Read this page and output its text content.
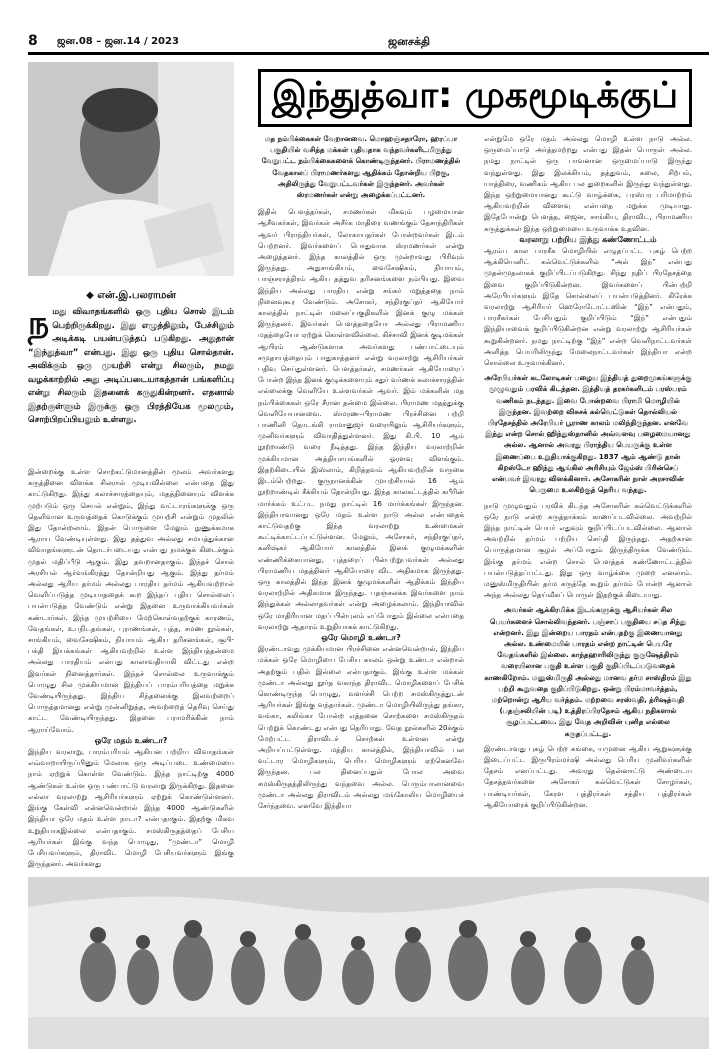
8 ஜன.08 – ஜன.14 / 2023	ஜனசக்தி
◆ என்.இ.பலராமன்
நமது விவாதங்களில் ஒரு புதிய சொல் இடம் பெற்றிருக்கிறது. இது எழுத்திலும், பேச்சிலும் அடிக்கடி பயன்படுத்தப் படுகிறது. அதுதான் “இந்துத்வா” என்பது. இது ஒரு புதிய சொல்தான். அவிக்கும் ஒரு முயற்சி என்று சிலரும், நமது வழக்காற்றில் அது அடிப்படையாகத்தான் பங்களிப்பு என்று சிலரும் இதனைக் கருதுகின்றனர். எதனால் இதற்குள்ளும் இருக்கு ஒரு பிரத்தியேக மூலமும், சொற்பிறப்பியலும் உள்ளது.
இந்துத்வா: முகமூடிக்குப்

இன்றைக்கு உள்ள சொற்கட்டுமானத்தின் மூலம் அவர்களது கருத்தினை விளக்க சிலரால் முடியவில்லை என்பதை இது காட்டுகிறது. இந்து கலாச்சாரத்தையும், மதத்தினையும் விளக்க முற்படும் ஒரு செயல் என்றும், இந்து வட்டாரங்களுக்கு ஒரு தெளிவான உருவத்தைக் கொடுக்கும் முயற்சி என்றும் முதலில் இது தோன்றலாம். இதன் பொருளை மேலும் நுணுக்கமாக ஆராய வேண்டியுள்ளது. இது தத்துவ அல்லது சமயத்துக்கான விவாதங்களுடன் தொடர்படையது என்பது நமக்குக் கிடைக்கும் முதல் மதிப்பீடு ஆகும். இது தவறானதாகும். இந்தச் சொல் அரசியல் ஆர்வங்கிரத்து தோன்றியது ஆகும். இந்து தர்மம் அல்லது ஆரிய தர்மம் அல்லது பாரதிய தர்மம் ஆகியவற்றால் வெளிப்படுத்த முடியாததைக் கூற இந்தப் புதிய சொல்லைப் பயன்படுத்த வேண்டும் என்று இதனை உருவாக்கியவர்கள் கண்டார்கள். இந்த முயற்சியை மேற்கொள்வதற்குக் காரணம், வேதங்கள், உபநிடதங்கள், புராணங்கள், புத்த, சமண நூல்கள், சாங்கியம், வைசேஷிகம், நியாயம் ஆகிய தரிசனங்கள், சூபி-பக்தி இயக்கங்கள் ஆகியவற்றில் உள்ள இந்தியத்தன்மை அல்லது பாரதியம் என்பது காலாவதியாகி விட்டது என்ற இவர்கள் நினைத்தார்கள். இந்தச் சொல்லை உருவாக்கும் பொழுது சில முக்கியமான இந்தியப் பாரம்பரியத்தை மறுக்க வேண்டியிருந்தது. இந்திய சிந்தனைக்கு இலவற்றைப் பொருத்தமானது என்று முன்னிறுத்த, அவற்றைத் தெரிவு செய்து காட்ட வேண்டியிருந்தது. இதனை பராமரிக்கின் நாம் ஆராய்வோம்.

ஒரே மதம் உண்டா?

இந்திய வரலாறு, பாரம்பரியம் ஆகியன பற்றிய விவாதங்கள் எவ்வாறாயிருப்பினும் மேலாக ஒரு அடிப்படை உண்மையை நாம் ஏற்றுக் கொள்ள வேண்டும். இந்த நாட்டிற்கு 4000 ஆண்டுகள் உள்ள ஒரு பண்பாட்டு வரலாறு இருக்கிறது. இதனை எல்லா வரலாற்று ஆசிரியர்களும் ஏற்றுக் கொண்டுள்ளனர். இங்கு கேள்வி என்னவென்றால் இந்த 4000 ஆண்டுகளில் இந்தியா ஒரே மதம் உள்ள நாடா? என்பதாகும். இதற்கு மிகவ உறுதியாகஇல்லை என்பதாகும். சமஸ்கிருதத்தைப் பேசிய ஆரியர்கள் இங்கு வந்த பொழுது, “முண்டா” மொழி பேசியவர்களும், திராவிட மொழி பேசியவர்களும் இங்கு இருந்தனர். அவர்களது

மத நம்பிக்கைகள் வேறானவை. மொஹஞ்சதாரோ, ஹரப்பா பகுதியில் வசித்த மக்கள் புதியதாக வந்தவர்களிடமிருந்து வேறுபட்ட நம்பிக்கைகளைக் கொண்டிருந்தனர். பிராமணத்தில் வேதகாலப் பிராமணர்களது ஆதிக்கம் தோன்றிய பிறகு, அதிலிருந்து வேறுபட்டவர்கள் இருந்தனர். அவர்கள் ஸ்ரமணர்கள் என்று அழைக்கப்பட்டனர்.

இதில் பௌத்தர்கள், சமணர்கள் மிகவும் பழமையான ஆசீவகர்கள், இவர்கள் அசீர்க மாதிரை வணங்கும் தேசாந்திரிகள் ஆவர் பிராந்தியர்கள், லோகாயதர்கள் போன்றவர்கள் இடம் பெற்றனர். இவர்களைப் பொதுவாக ஸ்ரமணர்கள் என்று அழைத்தனர். இந்த காலத்தில் ஒரு முன்றாவது பிரிவும் இருந்தது. அதுசாங்கியம், வைசேஷிகம், நியாயம், பாஞ்சராத்திரம் ஆகிய தத்துவ தரிசனங்களை நம்பியது. இவை இந்திய அல்லது பாரதிய என்று சங்கர் மறுத்ததை நாம் நினைவுகூர வேண்டும். அசோகர், சந்திரகுப்தர் ஆகியோர் காலத்தில் நாட்டின் மலைப்பகுதிகளில் இனக் குழு மக்கள் இருந்தனர். இவர்கள் பௌத்ததையோ அல்லது பிராமணிய மதத்தையோ ஏற்றுக் கொள்ளவில்லை. கிச்சாவி இனக் குடிமக்கள் ஆயிரம் ஆண்டுகளாக அவர்களது பண்பாட்டையும் சமுதாயத்தையும் பாதுகாத்தனர் என்று வரலாற்று ஆசிரியர்கள் பதிவு செய்துள்ளனர். பௌத்தர்கள், சமணர்கள் ஆகியோரைப் போன்ற இந்த இனக் குழுக்களையும் சதுர் வர்ணக் கலாச்சாரத்தின் எல்லைக்கு வெளியே உள்ளவர்கள் ஆவர். இம் மக்களின் மத நம்பிக்கைகள் ஒரே சீரான தன்மை இல்லை. பிராமண மதத்துக்கு வெளியேயானவை. ஸ்மரண–பிராமண பிரச்சினை பற்றி பாணினி தொடங்கி ராமானுஜர் வரையிலும் ஆசிரியர்களும், முனிவர்களும் விவாதித்துள்ளனர். இது கி.பி. 10 ஆம் நூற்றாண்டு வரை நீடித்தது. இந்த இந்திய வரலாற்றின் முக்கியமான அத்தியாயங்களில் ஓரளவு விளங்கும். இதற்கிடையில் இஸ்லாம், கிறித்தவம் ஆகியவற்றின் வருகை இடம்பெற்றது. குருநானக்கின் முயற்சியால் 16 ஆம் நூற்றாண்டில் சீக்கியம் தோன்றியது. இந்த காலகட்டத்தில் கபீரின் மார்க்கம் உட்பட நமது நாட்டில் 16 மார்க்கங்கள் இருந்தன. இந்தியாவானது ஒரே மதம் உள்ள நாடு அல்ல என்பதைக் காட்டுவதற்கு இந்த வரலாற்று உண்மைகள் கூட்டிக்காட்டப்பட்டுள்ளன. மேலும், அசோகர், சந்திரகுப்தர், கனிஷ்கர் ஆகியோர் காலத்தில் இனக் குழுமக்களின் எண்ணிக்கையானது, புத்தரைப் பின்பற்றுபவர்கள் அல்லது பிராமணிய மதத்தினர் ஆகியோரை விட அதிகமாக இருந்தது. ஒரு காலத்தில் இந்த இனக் குழுமக்களின் ஆதிக்கம் இந்திய வரலாற்றில் அதிகமாக இருந்தது. பதஞ்சலக்க இவர்களை நாம் இந்துக்கள் அல்லாதவர்கள் என்று அழைக்கலாம். இந்தியாவில் ஒரே மாதிரியான மதப் பின்புலம் எப்போதும் இல்லை என்பதை வரலாற்று ஆதாரம் உறுதியாகக் காட்டுகிறது.

ஒரே மொழி உண்டா?

இரண்டாவது முக்கியமான பிரச்சினை என்னவென்றால், இந்திய மக்கள் ஒரே மொழியை பேசிய காலம் ஒன்று உண்டா என்றால் அதற்கும் பதில் இல்லை என்பதாகும். இங்கு உள்ள மக்கள் முண்டா அல்லது நூர்த வகாந்த திராவிட மொழிகளைப் பேசிக் கொண்டிருந்த பொழுது, வளர்ச்சி பெற்ற சமஸ்கிருத்துடன் ஆரியர்கள் இங்கு வந்தார்கள். முண்டா மொழியிலிருந்து தங்கா, வங்கா, கலிங்கா போன்ற எத்தனை சொற்களை சமஸ்கிருதம் பெற்றுக் கொண்டது என்பது தெரியாது. வேத நூல்களில் 20க்கும் மேற்பட்ட திராவிடச் சொற்கள் உள்ளன என்று அறியப்பட்டுள்ளது. மத்திய காலத்தில், இந்தியாவில் பல வட்டார மொழிகளும், பெரிய மொழிகளும் ஏற்கெனவே இருந்தன. பல தினைப்பதுள் போல அவை சமஸ்கிருதத்திலிருந்து வந்தவை அல்ல. பெரும்பாலானவை முண்டா அல்லது திராவிடம் அல்லது மங்கோலிய மொழியைச் சேர்ந்தவை. எனவே இந்தியா

என்றுமே ஒரே மதம் அல்லது மொழி உள்ள நாடு அல்ல. ஒருமைப்பாடு அர்த்தமற்றது என்பது இதன் பொருள் அல்ல. நமது நாட்டில் ஒரு பாவனான ஒருமைப்பாடு இருந்து வந்துள்ளது. இது இலக்கியம், தத்துவம், கலை, சிற்பம், யாத்திரை, வணிகம் ஆகிய பல துறைகளில் இருந்து வந்துள்ளது. இந்த ஒற்றுமையானது கூட்டு வாழ்க்கை, பரஸ்பர பரிமாற்றம் ஆகியவற்றின் விளைவு என்பதை மறுக்க முடியாது. இதேபோன்று பௌத்த, ஜைன, சாங்கிய, திராவிட, பிராமணிய கருத்துக்கள் இந்த ஒற்றுமையை உருவாக்க உதவின.

வரலாறு பற்றிய இந்து கண்ணோட்டம்

ஆரம்ப கால பாரசீக மொழியில் எழுதப்பட்ட புகழ் பெற்ற ஆக்கியெனிட் கல்வெட்டுக்களில் “அல் இந்” என்பது முதன்முதலாகக் குறிப்பிடப்படுகிறது. சிந்து நதிப் பிரதேசத்தை இவை குறிப்பிடுகின்றன. இவர்களைப் பின்பற்றி அரேபியர்களும் இதே சொல்லைப் பயன்படுத்தினர். கிரேக்க வரலாற்று ஆசிரியர் ஹெரோடோட்டஸின் “இந்” என்பதும், பாரசீகர்கள் பேசியதும் குறிப்பிடும் “இந்” என்பதும் இந்தியாவைக் குறிப்பிடுகின்றன என்று வரலாற்று ஆசிரியர்கள் கூறுகின்றனர். நமது நாட்டிற்கு “இந்” என்ற வெளிநாட்டவர்கள் அளித்த பெயரிலிருந்து மேலைநாட்டவர்கள் இந்தியா என்ற சொல்லை உருவாக்கினர்.

அரேபியர்கள் கடலோடிகள் பழைய இந்தியத் துறைமுகங்களுக்கு முழுவதும் பரவிக் கிடந்தன. இந்தியத் தரகர்களிடம் பரஸ்பரம் வணிகம் நடந்தது. இவை போன்றவை பிராமி மொழியில் இருந்தன. இவற்றை விசுசக் கல்வெட்டுகள் தொல்லியல் பிரதேசத்தில் அரேபியர் பூராண காலம் மலிந்திருந்தன. எனவே இந்து என்ற சொல் ஹிந்துஸ்தானில் அவ்வளவு பழைமையானது அல்ல. ஆனால் அவரது பிராந்திய பெயருக்கு உள்ள இணைப்பை உறுதியாக்குகிறது. 1837 ஆம் ஆண்டு தான் கிறஸ்டோ ஹிந்து ஆங்கில அரிசியும் ஜேம்ஸ் பிரின்செப் என்பவர் இவரது விளக்கினார். அசோகரின் நாள் அரசாவின் பெருமை உலகிற்குத் தெரிய வந்தது.

நாடு முழுவதும் பரவிக் கிடந்த அசோகரின் கல்வெட்டுக்களில் ஒரே நாடு என்ற கருத்தாக்கம் காணப்படவில்லை. அவற்றில் இந்த நாட்டின் பெயர் எதுவும் குறிப்பிடப்படவில்லை. ஆனால் அவற்றில் தர்மம் பற்றிய செய்தி இருந்தது. அதற்கான பொருத்தமான சூழல் அப்போதும் இருந்திருக்க வேண்டும். இங்கு தர்மம் என்ற சொல் பௌத்தக் கண்ணோட்டத்தில் பயன்படுத்தப்பட்டது. இது ஒரு வாழ்க்கை முறை எனலாம். மனுஸ்மிருதியின் தர்ம கருத்தே கூறும் தர்மம் போன்ற ஆனால் அந்த அல்லது தெய்வீகப் பொருள் இதற்குக் கிடையாது.

அவர்கள் ஆக்கிரமிக்க இடங்களுக்கு ஆசியர்கள் சில பெயர்களைச் சொல்லிவந்தனர். பஞ்சாப் பகுதியை சப்த சிந்து என்றனர். இது இன்றைய பாரதம் என்பதற்கு இணையானது அல்ல. உண்மையில் பாரதம் என்ற நாட்டின் பெயரே வேதங்களில் இல்லை. காந்தஹாரிலிருந்து குருஷேத்திரம் வரையிலான பகுதி உள்ள பகுதி குறிப்பிடப்படுவதைக் காணகிறோம். மனுஸ்மிருதி அல்லது மானவ தர்ம சாஸ்திரம் இது பற்றி கூறுவதை குறிப்பிடுகிறது. ஒன்று பிரம்மாவர்த்தம், மற்றொன்று ஆரிய வர்த்தம். மற்றவை சரஸ்வதி, த்ரிஷத்வதி (பதஞ்சலியின் படி) உத்திரப்பிரதேசம் ஆகிய நதிகளால் சூழப்பட்டவை. இது வேத அறிவின் புனித எல்லை கருதப்பட்டது.

இரண்டாவது புகழ் பெற்ற கங்கை, யமுனை ஆகிய ஆறுகளுக்கு இடைப்பட்ட இருபிரம்மர்ஷி அல்லது பெரிய முனிவர்களின் தேசம் எனப்பட்டது. அவரது தென்னாட்டு அண்டைய தேசத்தவர்களை அசோகர் கல்வெட்டுகள் சோழர்கள், பாண்டியர்கள், கேரள புத்திரர்கள் சத்திய புத்திரர்கள் ஆகியோரைக் குறிப்பிடுகின்றன.
